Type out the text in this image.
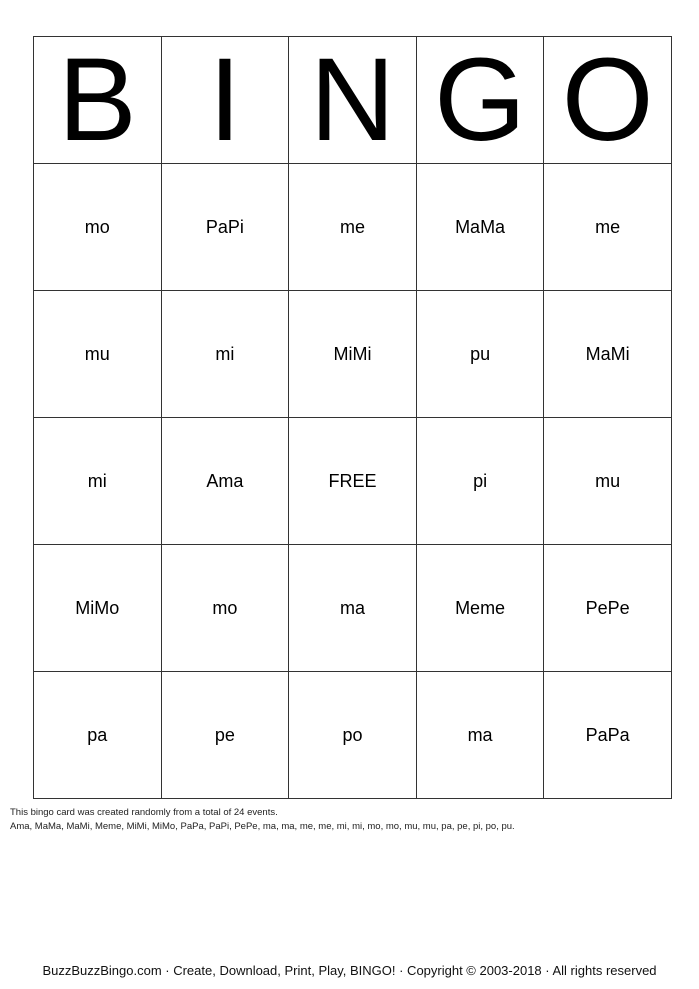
B	I	N	G	O
mo	PaPi	me	MaMa	me
mu	mi	MiMi	pu	MaMi
mi	Ama	FREE	pi	mu
MiMo	mo	ma	Meme	PePe
pa	pe	po	ma	PaPa
This bingo card was created randomly from a total of 24 events.
Ama, MaMa, MaMi, Meme, MiMi, MiMo, PaPa, PaPi, PePe, ma, ma, me, me, mi, mi, mo, mo, mu, mu, pa, pe, pi, po, pu.
BuzzBuzzBingo.com · Create, Download, Print, Play, BINGO! · Copyright © 2003-2018 · All rights reserved
